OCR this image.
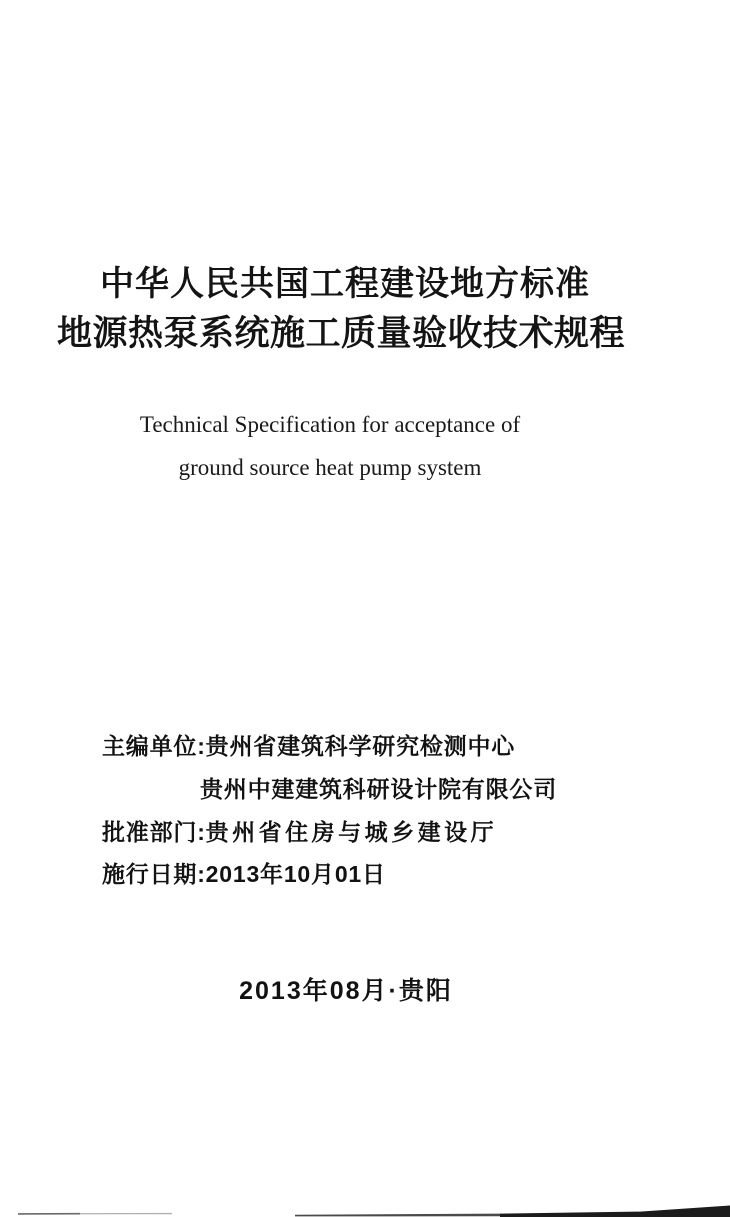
中华人民共国工程建设地方标准
地源热泵系统施工质量验收技术规程
Technical Specification for acceptance of
ground source heat pump system
主编单位:贵州省建筑科学研究检测中心
贵州中建建筑科研设计院有限公司
批准部门:贵州省住房与城乡建设厅
施行日期:2013年10月01日
2013年08月·贵阳
